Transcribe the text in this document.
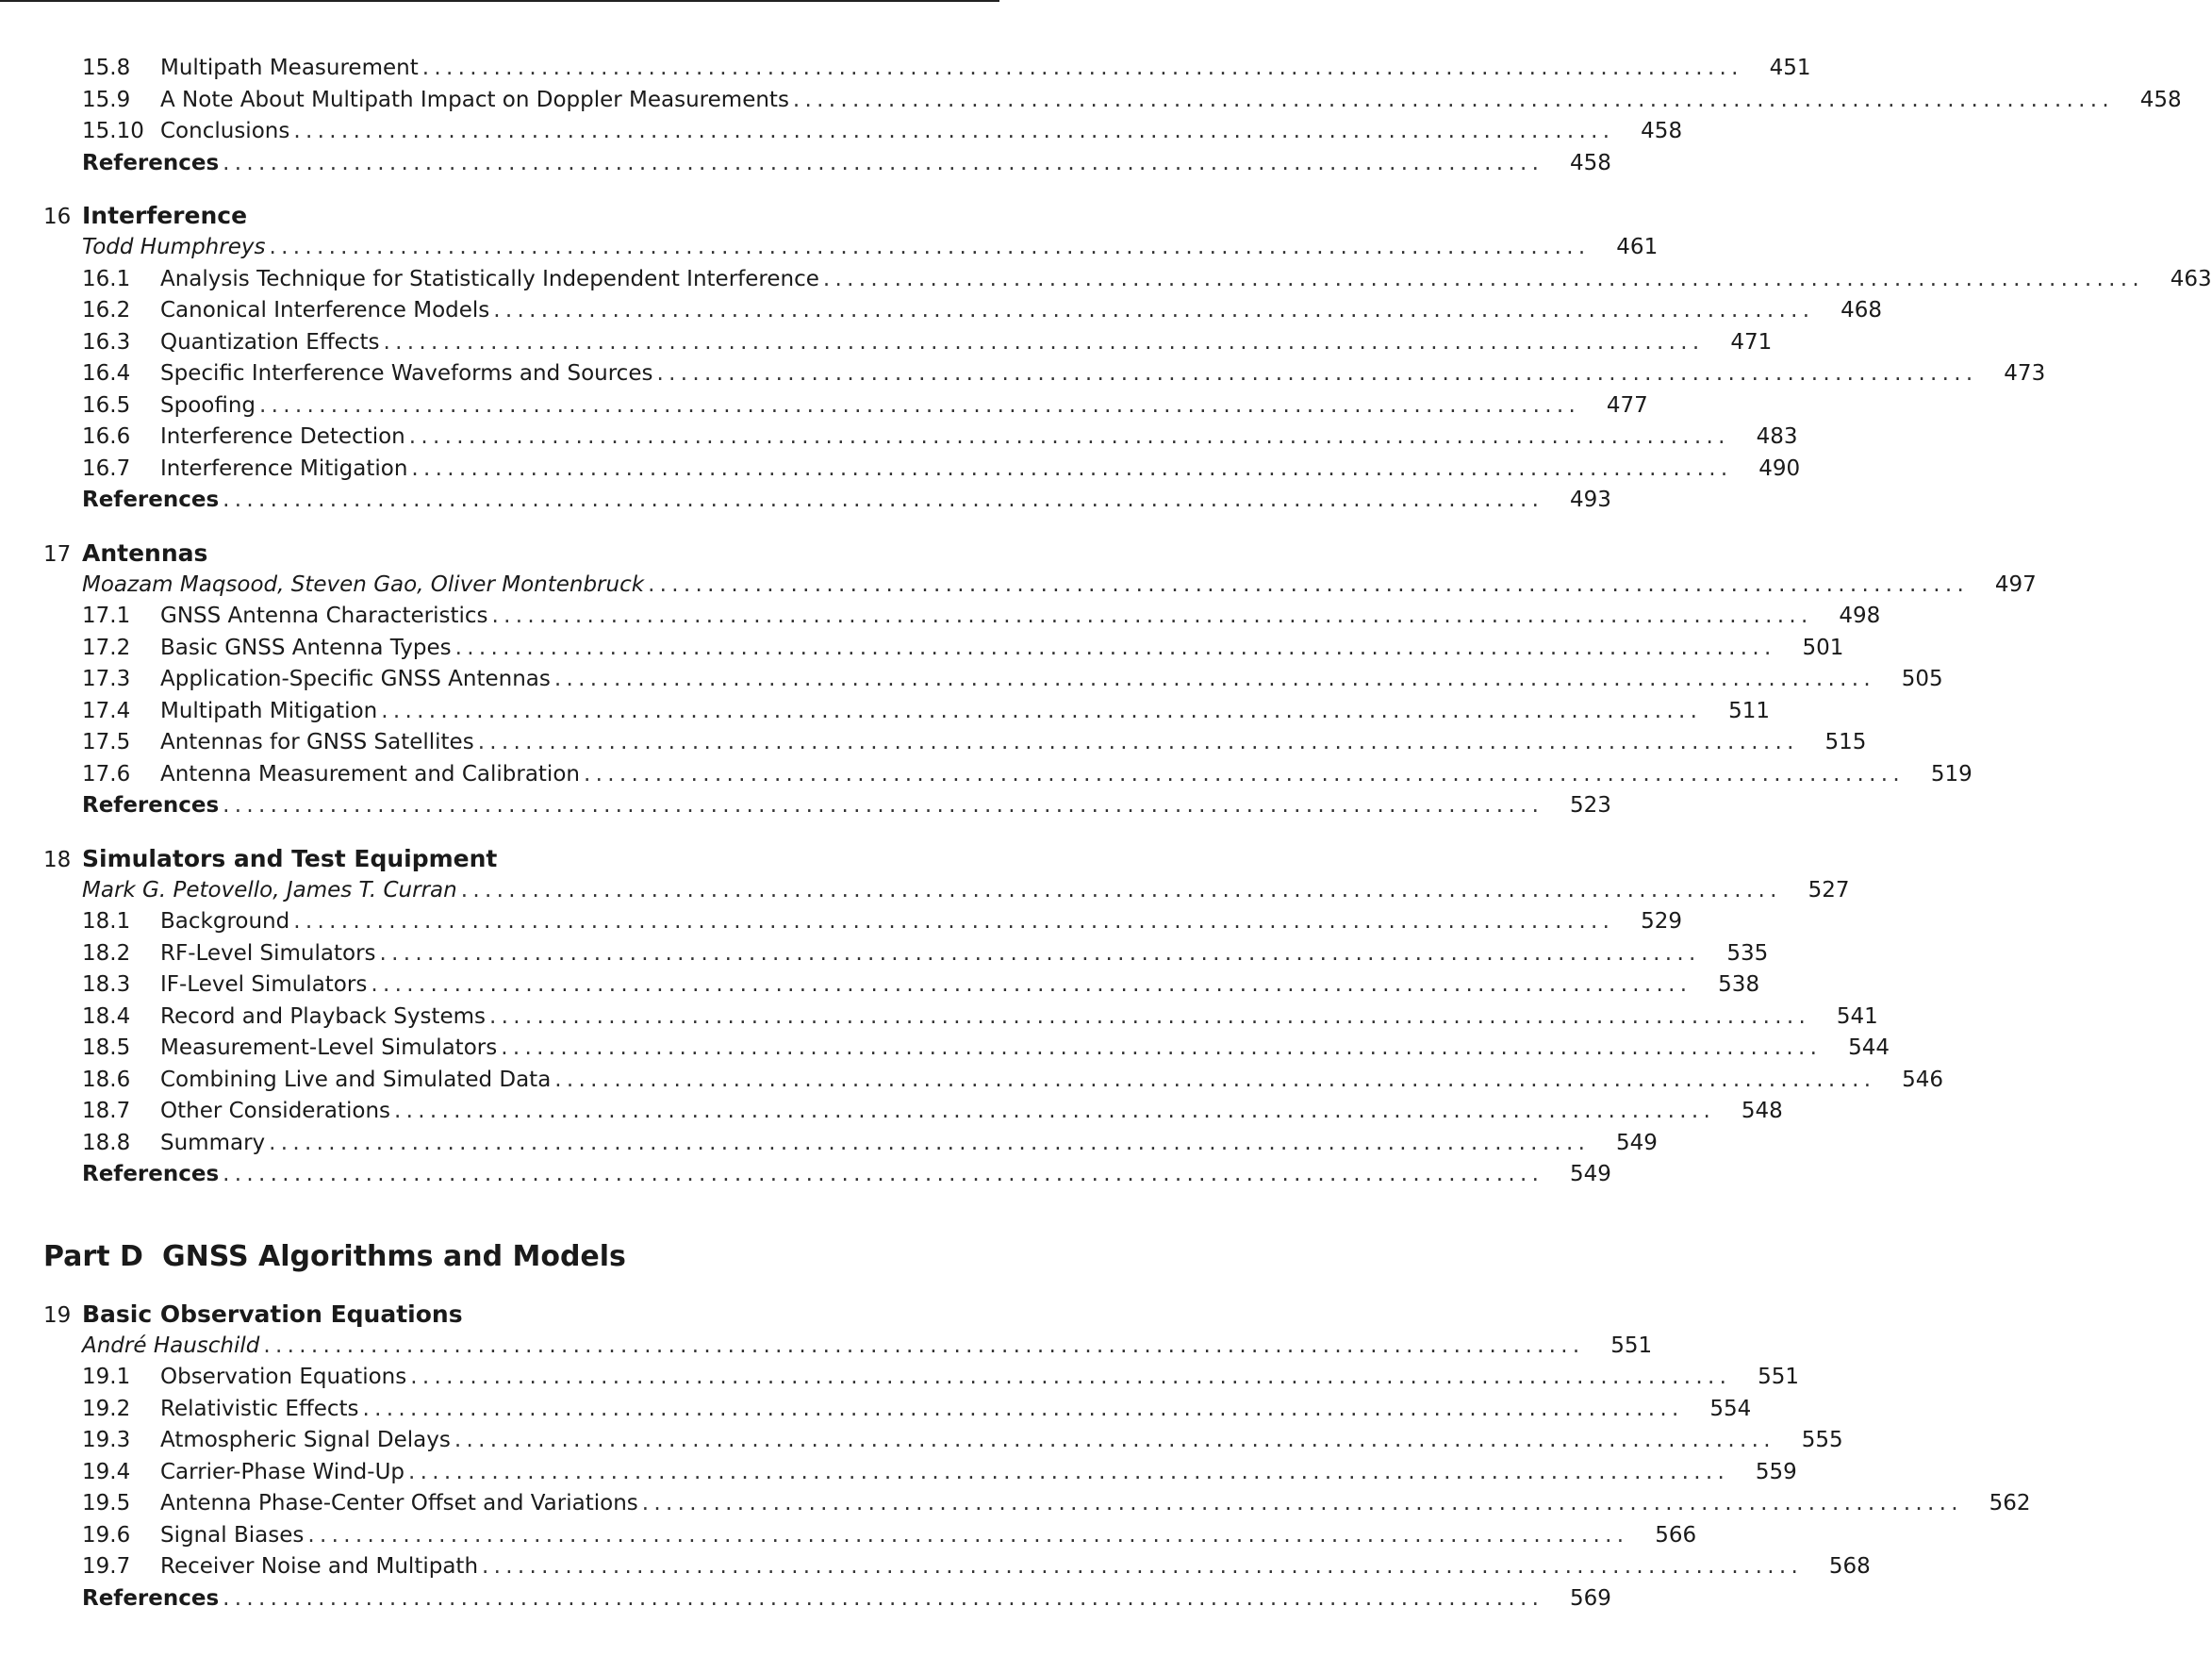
15.8	Multipath Measurement . . .	451
15.9	A Note About Multipath Impact on Doppler Measurements . . .	458
15.10 Conclusions . . .	458
References . . .	458
16 Interference
Todd Humphreys . . .	461
16.1	Analysis Technique for Statistically Independent Interference . . .	463
16.2	Canonical Interference Models . . .	468
16.3	Quantization Effects . . .	471
16.4	Specific Interference Waveforms and Sources . . .	473
16.5	Spoofing . . .	477
16.6	Interference Detection . . .	483
16.7	Interference Mitigation . . .	490
References . . .	493
17 Antennas
Moazam Maqsood, Steven Gao, Oliver Montenbruck . . .	497
17.1	GNSS Antenna Characteristics . . .	498
17.2	Basic GNSS Antenna Types . . .	501
17.3	Application-Specific GNSS Antennas . . .	505
17.4	Multipath Mitigation . . .	511
17.5	Antennas for GNSS Satellites . . .	515
17.6	Antenna Measurement and Calibration . . .	519
References . . .	523
18 Simulators and Test Equipment
Mark G. Petovello, James T. Curran . . .	527
18.1	Background . . .	529
18.2	RF-Level Simulators . . .	535
18.3	IF-Level Simulators . . .	538
18.4	Record and Playback Systems . . .	541
18.5	Measurement-Level Simulators . . .	544
18.6	Combining Live and Simulated Data . . .	546
18.7	Other Considerations . . .	548
18.8	Summary . . .	549
References . . .	549
Part D GNSS Algorithms and Models
19 Basic Observation Equations
André Hauschild . . .	551
19.1	Observation Equations . . .	551
19.2	Relativistic Effects . . .	554
19.3	Atmospheric Signal Delays . . .	555
19.4	Carrier-Phase Wind-Up . . .	559
19.5	Antenna Phase-Center Offset and Variations . . .	562
19.6	Signal Biases . . .	566
19.7	Receiver Noise and Multipath . . .	568
References . . .	569
